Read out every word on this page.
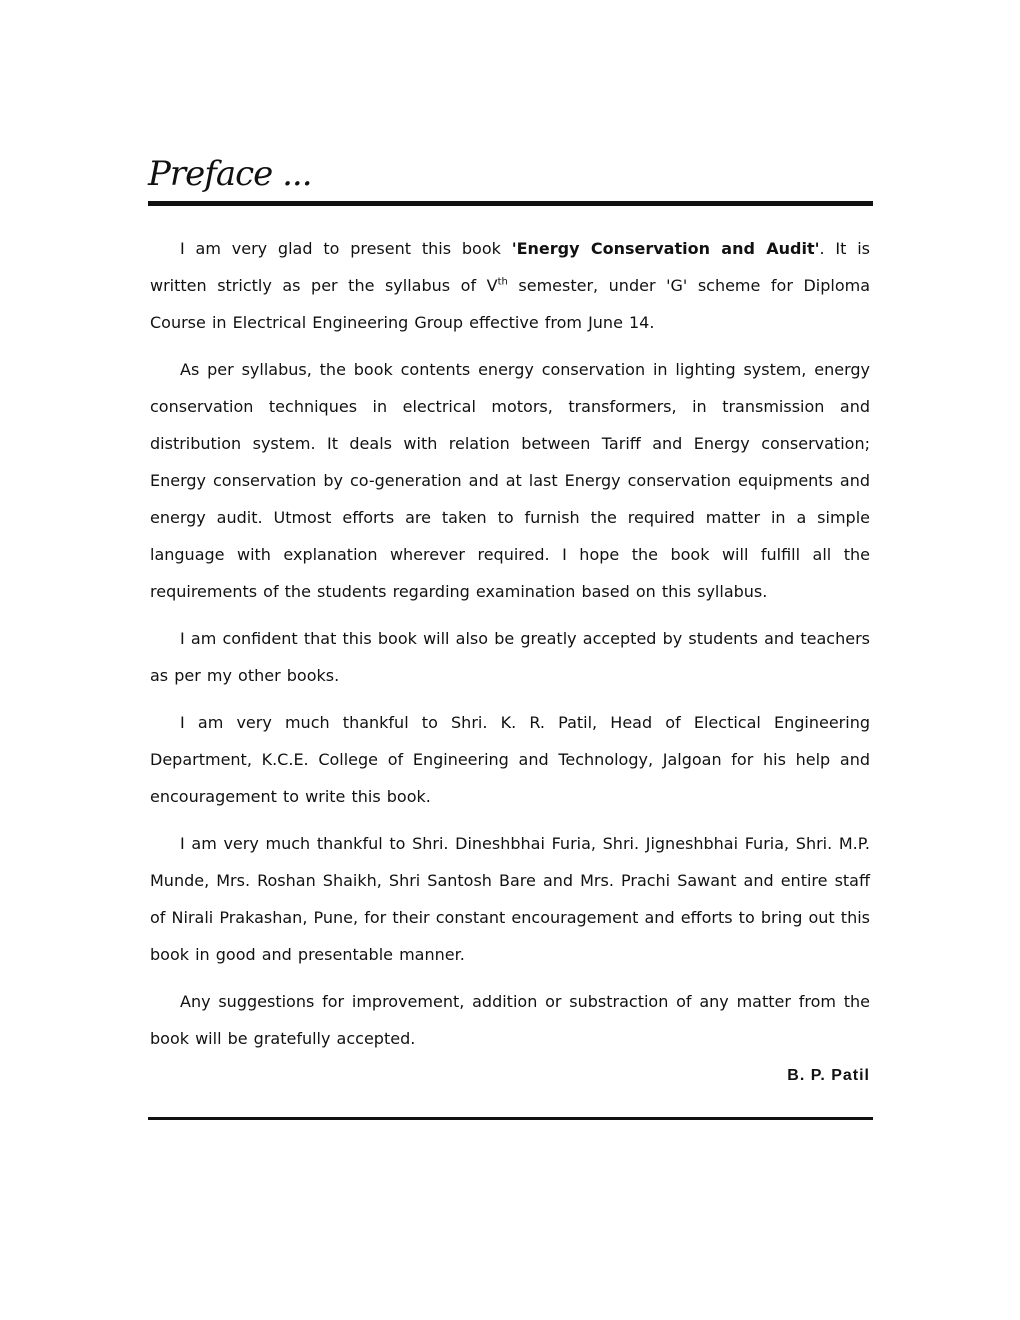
Preface ...

I am very glad to present this book 'Energy Conservation and Audit'. It is written strictly as per the syllabus of Vth semester, under 'G' scheme for Diploma Course in Electrical Engineering Group effective from June 14.

As per syllabus, the book contents energy conservation in lighting system, energy conservation techniques in electrical motors, transformers, in transmission and distribution system. It deals with relation between Tariff and Energy conservation; Energy conservation by co-generation and at last Energy conservation equipments and energy audit. Utmost efforts are taken to furnish the required matter in a simple language with explanation wherever required. I hope the book will fulfill all the requirements of the students regarding examination based on this syllabus.

I am confident that this book will also be greatly accepted by students and teachers as per my other books.

I am very much thankful to Shri. K. R. Patil, Head of Electical Engineering Department, K.C.E. College of Engineering and Technology, Jalgoan for his help and encouragement to write this book.

I am very much thankful to Shri. Dineshbhai Furia, Shri. Jigneshbhai Furia, Shri. M.P. Munde, Mrs. Roshan Shaikh, Shri Santosh Bare and Mrs. Prachi Sawant and entire staff of Nirali Prakashan, Pune, for their constant encouragement and efforts to bring out this book in good and presentable manner.

Any suggestions for improvement, addition or substraction of any matter from the book will be gratefully accepted.

B. P. Patil
